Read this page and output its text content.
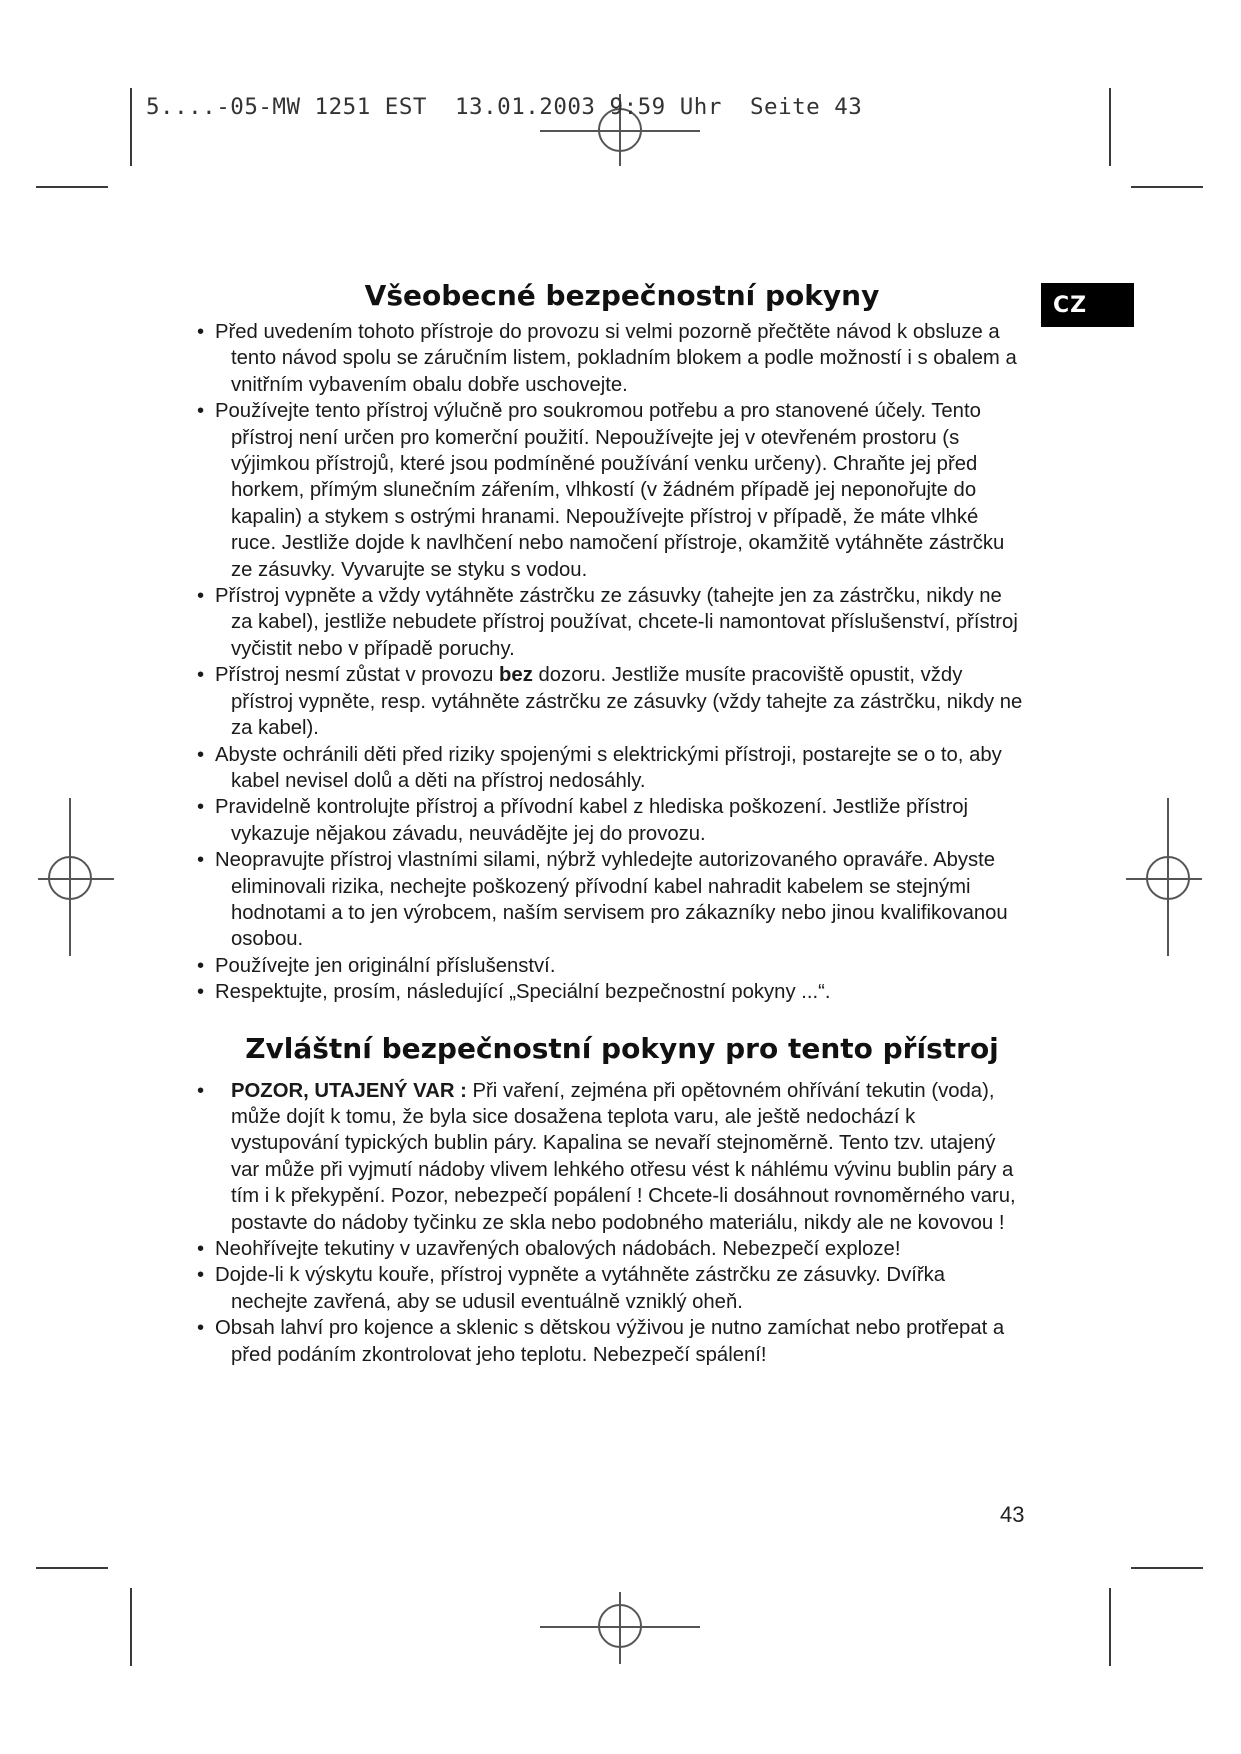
5....-05-MW 1251 EST  13.01.2003 9:59 Uhr  Seite 43
CZ
Všeobecné bezpečnostní pokyny
• Před uvedením tohoto přístroje do provozu si velmi pozorně přečtěte návod k obsluze a tento návod spolu se záručním listem, pokladním blokem a podle možností i s obalem a vnitřním vybavením obalu dobře uschovejte.
• Používejte tento přístroj výlučně pro soukromou potřebu a pro stanovené účely. Tento přístroj není určen pro komerční použití. Nepoužívejte jej v otevřeném prostoru (s výjimkou přístrojů, které jsou podmíněné používání venku určeny). Chraňte jej před horkem, přímým slunečním zářením, vlhkostí (v žádném případě jej neponořujte do kapalin) a stykem s ostrými hranami. Nepoužívejte přístroj v případě, že máte vlhké ruce. Jestliže dojde k navlhčení nebo namočení přístroje, okamžitě vytáhněte zástrčku ze zásuvky. Vyvarujte se styku s vodou.
• Přístroj vypněte a vždy vytáhněte zástrčku ze zásuvky (tahejte jen za zástrčku, nikdy ne za kabel), jestliže nebudete přístroj používat, chcete-li namontovat příslušenství, přístroj vyčistit nebo v případě poruchy.
• Přístroj nesmí zůstat v provozu bez dozoru. Jestliže musíte pracoviště opustit, vždy přístroj vypněte, resp. vytáhněte zástrčku ze zásuvky (vždy tahejte za zástrčku, nikdy ne za kabel).
• Abyste ochránili děti před riziky spojenými s elektrickými přístroji, postarejte se o to, aby kabel nevisel dolů a děti na přístroj nedosáhly.
• Pravidelně kontrolujte přístroj a přívodní kabel z hlediska poškození. Jestliže přístroj vykazuje nějakou závadu, neuvádějte jej do provozu.
• Neopravujte přístroj vlastními silami, nýbrž vyhledejte autorizovaného opraváře. Abyste eliminovali rizika, nechejte poškozený přívodní kabel nahradit kabelem se stejnými hodnotami a to jen výrobcem, naším servisem pro zákazníky nebo jinou kvalifikovanou osobou.
• Používejte jen originální příslušenství.
• Respektujte, prosím, následující „Speciální bezpečnostní pokyny ...“.
Zvláštní bezpečnostní pokyny pro tento přístroj
•	POZOR, UTAJENÝ VAR : Při vaření, zejména při opětovném ohřívání tekutin (voda), může dojít k tomu, že byla sice dosažena teplota varu, ale ještě nedochází k vystupování typických bublin páry. Kapalina se nevaří stejnoměrně. Tento tzv. utajený var může při vyjmutí nádoby vlivem lehkého otřesu vést k náhlému vývinu bublin páry a tím i k překypění. Pozor, nebezpečí popálení ! Chcete-li dosáhnout rovnoměrného varu, postavte do nádoby tyčinku ze skla nebo podobného materiálu, nikdy ale ne kovovou !
• Neohřívejte tekutiny v uzavřených obalových nádobách. Nebezpečí exploze!
• Dojde-li k výskytu kouře, přístroj vypněte a vytáhněte zástrčku ze zásuvky. Dvířka nechejte zavřená, aby se udusil eventuálně vzniklý oheň.
• Obsah lahví pro kojence a sklenic s dětskou výživou je nutno zamíchat nebo protřepat a před podáním zkontrolovat jeho teplotu. Nebezpečí spálení!
43
